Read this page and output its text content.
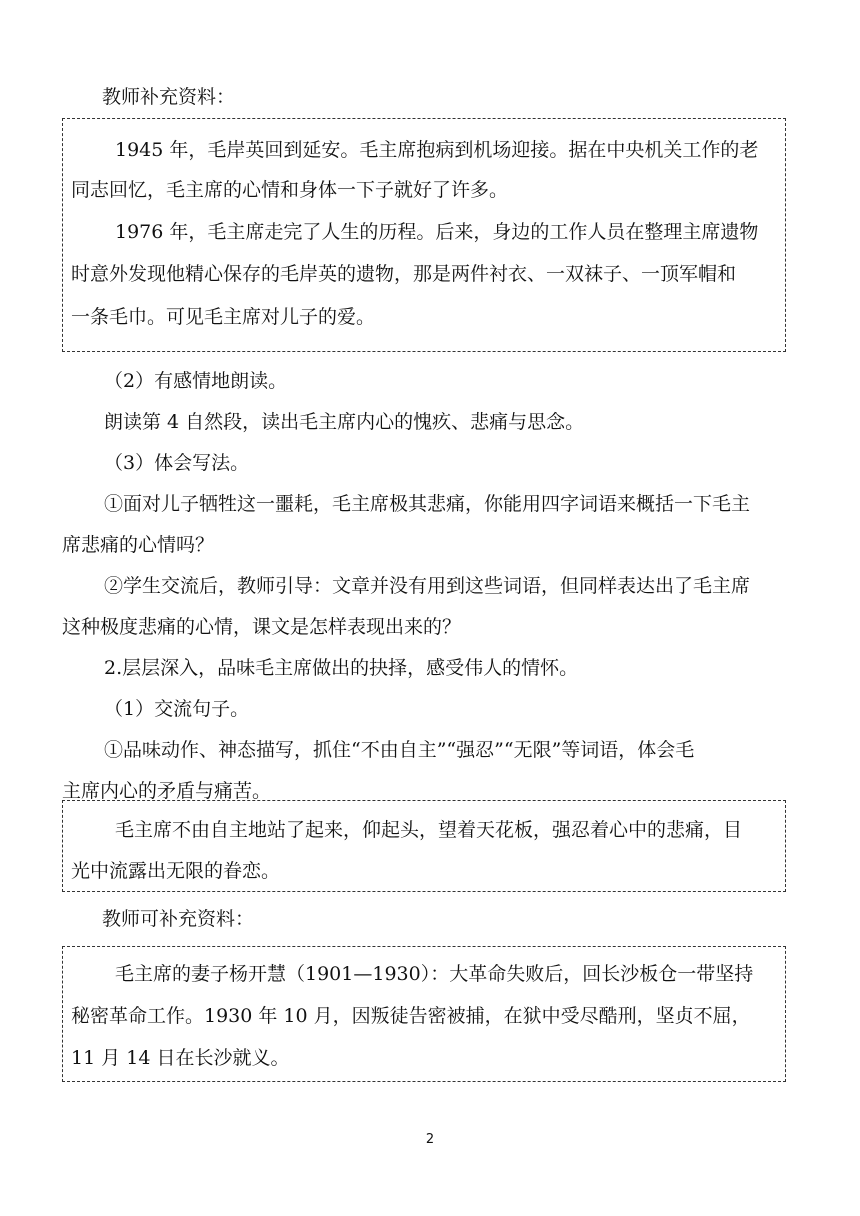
教师补充资料：
1945 年，毛岸英回到延安。毛主席抱病到机场迎接。据在中央机关工作的老
同志回忆，毛主席的心情和身体一下子就好了许多。
1976 年，毛主席走完了人生的历程。后来，身边的工作人员在整理主席遗物
时意外发现他精心保存的毛岸英的遗物，那是两件衬衣、一双袜子、一顶军帽和
一条毛巾。可见毛主席对儿子的爱。
（2）有感情地朗读。
朗读第 4 自然段，读出毛主席内心的愧疚、悲痛与思念。
（3）体会写法。
①面对儿子牺牲这一噩耗，毛主席极其悲痛，你能用四字词语来概括一下毛主
席悲痛的心情吗？
②学生交流后，教师引导：文章并没有用到这些词语，但同样表达出了毛主席
这种极度悲痛的心情，课文是怎样表现出来的？
2.层层深入，品味毛主席做出的抉择，感受伟人的情怀。
（1）交流句子。
①品味动作、神态描写，抓住“不由自主”“强忍”“无限”等词语，体会毛
主席内心的矛盾与痛苦。
毛主席不由自主地站了起来，仰起头，望着天花板，强忍着心中的悲痛，目
光中流露出无限的眷恋。
教师可补充资料：
毛主席的妻子杨开慧（1901—1930）：大革命失败后，回长沙板仓一带坚持
秘密革命工作。1930 年 10 月，因叛徒告密被捕，在狱中受尽酷刑，坚贞不屈，
11 月 14 日在长沙就义。
2
